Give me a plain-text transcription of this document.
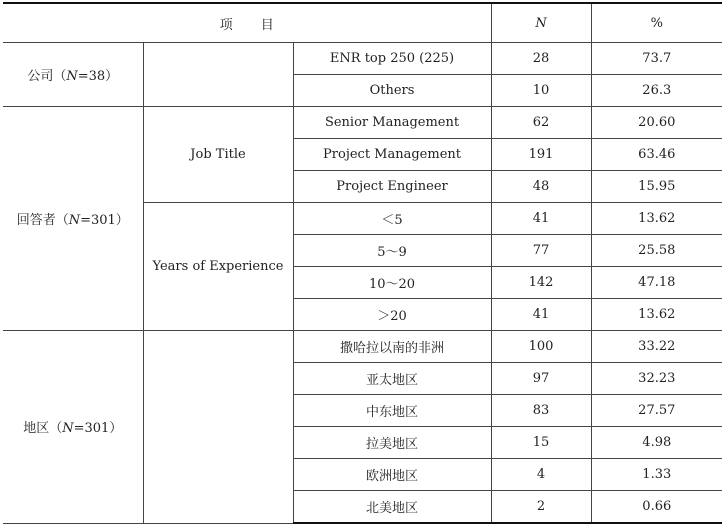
项目			N	%
公司（N=38）		ENR top 250 (225)	28	73.7
		Others	10	26.3
回答者（N=301）	Job Title	Senior Management	62	20.60
		Project Management	191	63.46
		Project Engineer	48	15.95
	Years of Experience	＜5	41	13.62
		5～9	77	25.58
		10～20	142	47.18
		＞20	41	13.62
地区（N=301）		撒哈拉以南的非洲	100	33.22
		亚太地区	97	32.23
		中东地区	83	27.57
		拉美地区	15	4.98
		欧洲地区	4	1.33
		北美地区	2	0.66
